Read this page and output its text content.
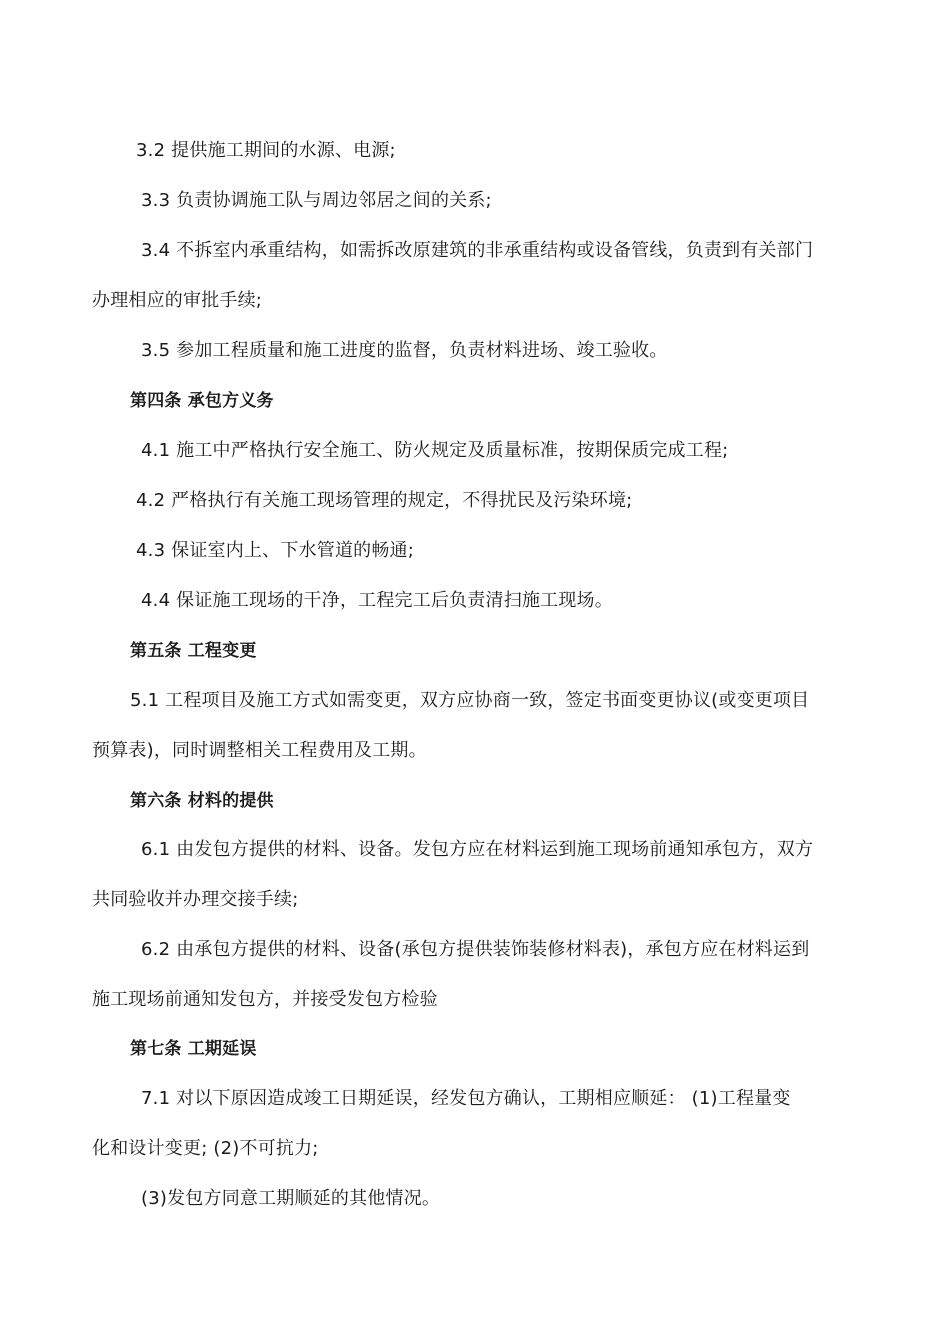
3.2 提供施工期间的水源、电源;
3.3 负责协调施工队与周边邻居之间的关系;
3.4 不拆室内承重结构，如需拆改原建筑的非承重结构或设备管线，负责到有关部门
办理相应的审批手续;
3.5 参加工程质量和施工进度的监督，负责材料进场、竣工验收。
第四条 承包方义务
4.1 施工中严格执行安全施工、防火规定及质量标准，按期保质完成工程;
4.2 严格执行有关施工现场管理的规定，不得扰民及污染环境;
4.3 保证室内上、下水管道的畅通;
4.4 保证施工现场的干净，工程完工后负责清扫施工现场。
第五条 工程变更
5.1 工程项目及施工方式如需变更，双方应协商一致，签定书面变更协议(或变更项目
预算表)，同时调整相关工程费用及工期。
第六条 材料的提供
6.1 由发包方提供的材料、设备。发包方应在材料运到施工现场前通知承包方，双方
共同验收并办理交接手续;
6.2 由承包方提供的材料、设备(承包方提供装饰装修材料表)，承包方应在材料运到
施工现场前通知发包方，并接受发包方检验
第七条 工期延误
7.1 对以下原因造成竣工日期延误，经发包方确认，工期相应顺延： (1)工程量变
化和设计变更; (2)不可抗力;
(3)发包方同意工期顺延的其他情况。
